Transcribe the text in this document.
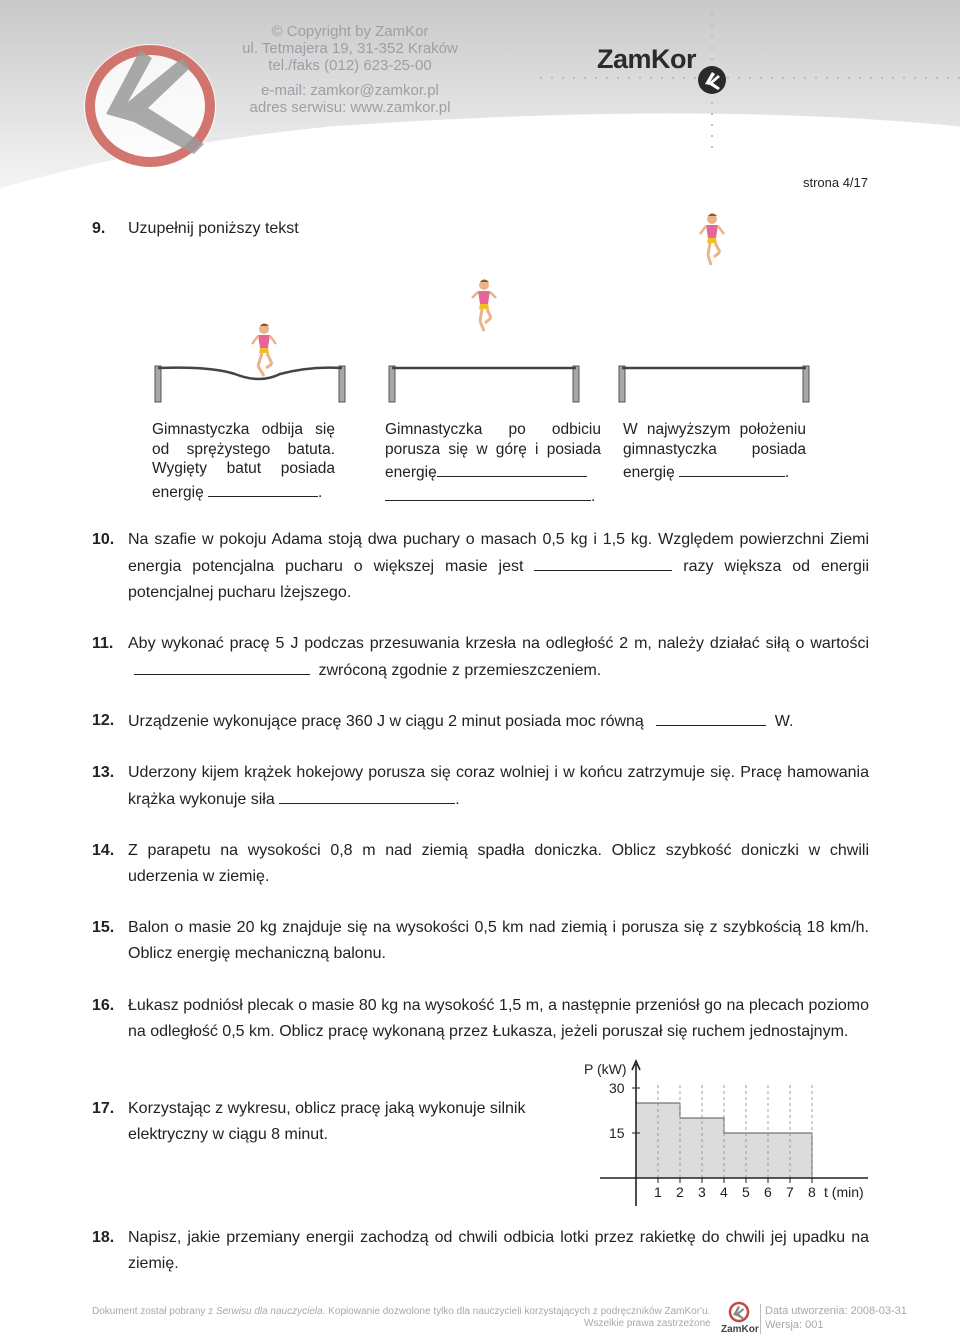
© Copyright by ZamKor
ul. Tetmajera 19, 31-352 Kraków
tel./faks (012) 623-25-00
e-mail: zamkor@zamkor.pl
adres serwisu: www.zamkor.pl
ZamKor
strona 4/17
9. Uzupełnij poniższy tekst
Gimnastyczka odbija się od sprężystego batuta. Wygięty batut posiada energię	.
Gimnastyczka po odbiciu porusza się w górę i posiada energię .
W najwyższym położeniu gimnastyczka posiada energię	.
10. Na szafie w pokoju Adama stoją dwa puchary o masach 0,5 kg i 1,5 kg. Względem powierzchni Ziemi energia potencjalna pucharu o większej masie jest	razy większa od energii potencjalnej pucharu lżejszego.
11. Aby wykonać pracę 5 J podczas przesuwania krzesła na odległość 2 m, należy działać siłą o wartości  zwróconą zgodnie z przemieszczeniem.
12. Urządzenie wykonujące pracę 360 J w ciągu 2 minut posiada moc równą	W.
13. Uderzony kijem krążek hokejowy porusza się coraz wolniej i w końcu zatrzymuje się. Pracę hamowania krążka wykonuje siła	.
14. Z parapetu na wysokości 0,8 m nad ziemią spadła doniczka. Oblicz szybkość doniczki w chwili uderzenia w ziemię.
15. Balon o masie 20 kg znajduje się na wysokości 0,5 km nad ziemią i porusza się z szybkością 18 km/h. Oblicz energię mechaniczną balonu.
16. Łukasz podniósł plecak o masie 80 kg na wysokość 1,5 m, a następnie przeniósł go na plecach poziomo na odległość 0,5 km. Oblicz pracę wykonaną przez Łukasza, jeżeli poruszał się ruchem jednostajnym.
17. Korzystając z wykresu, oblicz pracę jaką wykonuje silnik elektryczny w ciągu 8 minut.
1 2 3 4 5 6 7 8
15
30
P (kW)
t (min)
18. Napisz, jakie przemiany energii zachodzą od chwili odbicia lotki przez rakietkę do chwili jej upadku na ziemię.
Dokument został pobrany z Serwisu dla nauczyciela. Kopiowanie dozwolone tylko dla nauczycieli korzystających z podręczników ZamKor'u.
Wszelkie prawa zastrzeżone
ZamKor
Data utworzenia: 2008-03-31
Wersja: 001
